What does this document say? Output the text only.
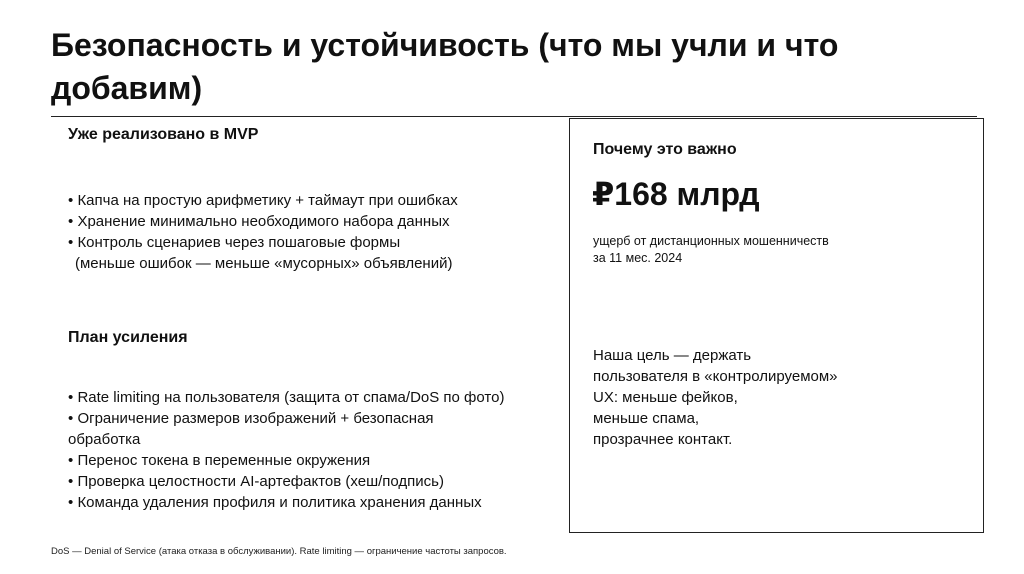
Безопасность и устойчивость (что мы учли и что добавим)
Уже реализовано в MVP
• Капча на простую арифметику + таймаут при ошибках
• Хранение минимально необходимого набора данных
• Контроль сценариев через пошаговые формы
(меньше ошибок — меньше «мусорных» объявлений)
План усиления
• Rate limiting на пользователя (защита от спама/DoS по фото)
• Ограничение размеров изображений + безопасная обработка
• Перенос токена в переменные окружения
• Проверка целостности AI-артефактов (хеш/подпись)
• Команда удаления профиля и политика хранения данных
Почему это важно
₽168 млрд
ущерб от дистанционных мошенничеств за 11 мес. 2024
Наша цель — держать
пользователя в «контролируемом»
UX: меньше фейков,
меньше спама,
прозрачнее контакт.
DoS — Denial of Service (атака отказа в обслуживании). Rate limiting — ограничение частоты запросов.
